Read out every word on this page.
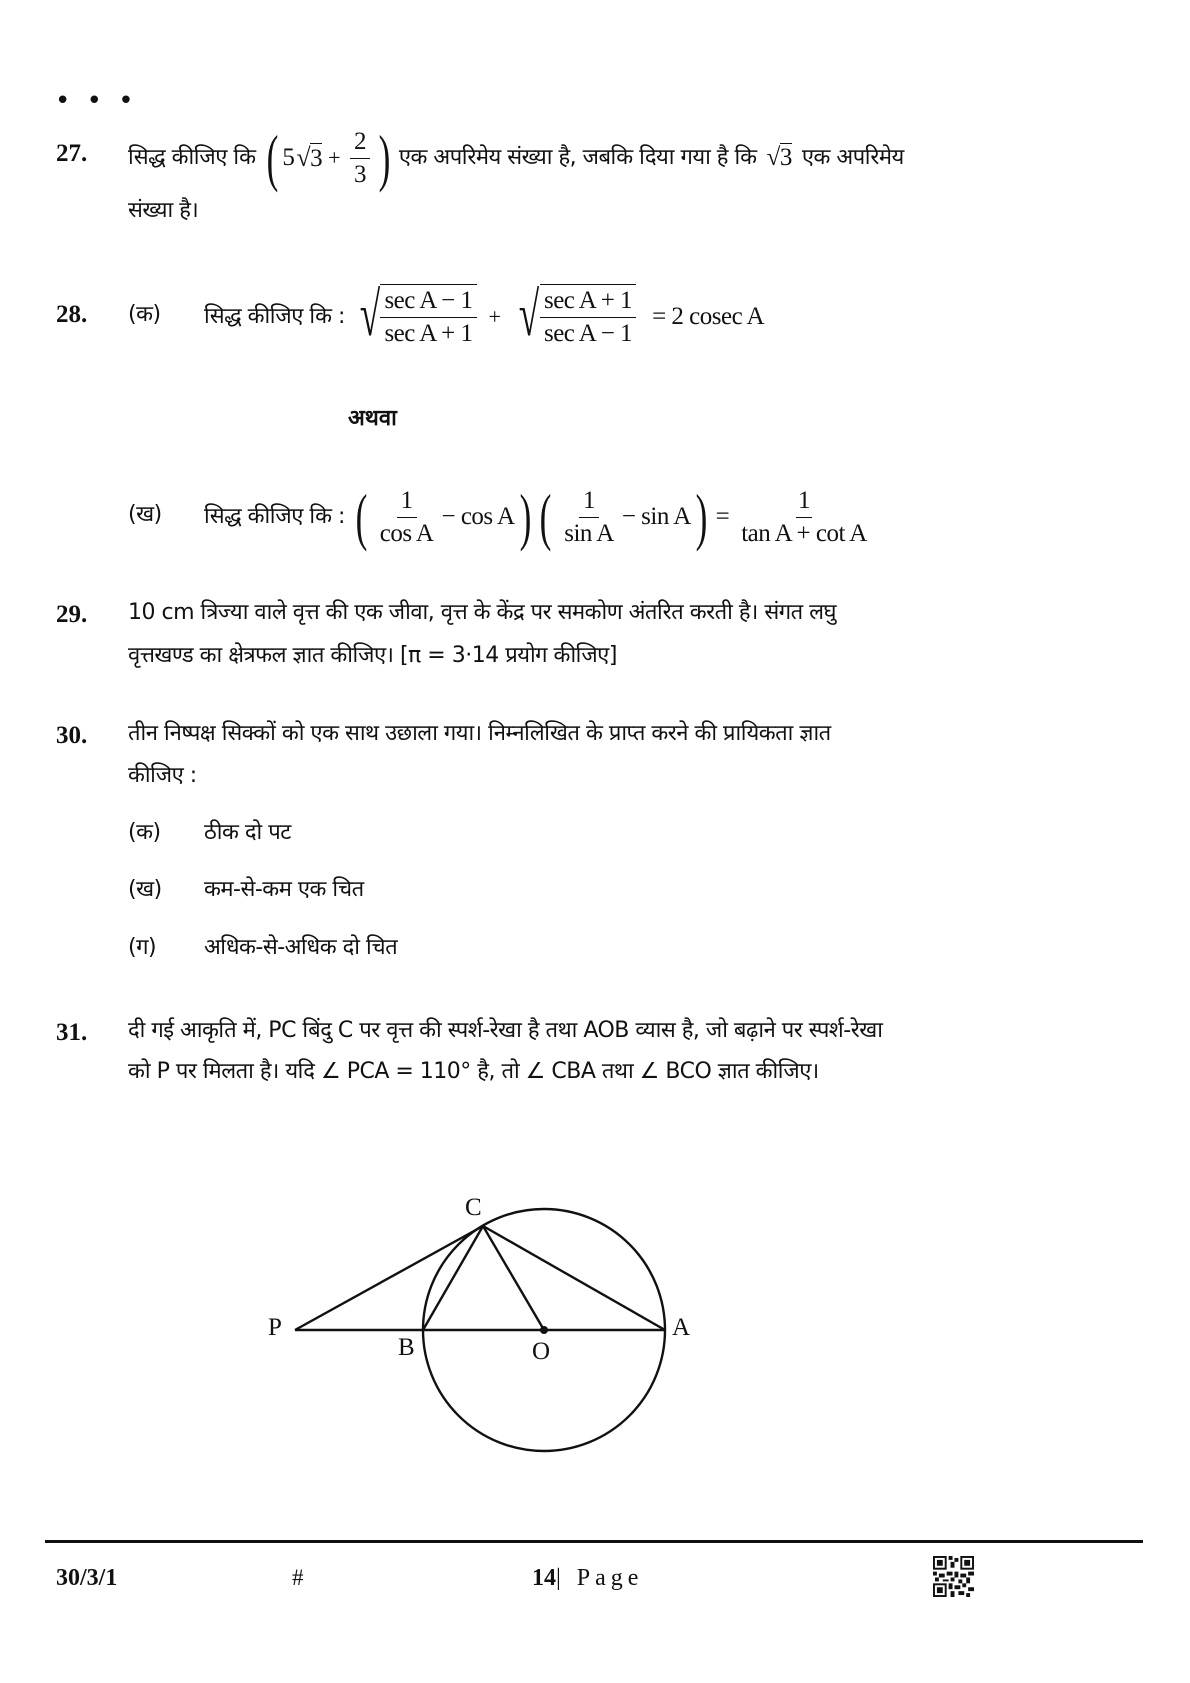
• • •
27. सिद्ध कीजिए कि ( 5 √ $3 + \frac{2}{3}$ ) एक अपरिमेय संख्या है, जबकि दिया गया है कि √3 एक अपरिमेय
संख्या है।
28. (क) सिद्ध कीजिए कि : √ $\frac{\text{sec A − 1}}{\text{sec A + 1}}$ + √ $\frac{\text{sec A + 1}}{\text{sec A − 1}} = 2$ cosec A
अथवा
(ख) सिद्ध कीजिए कि : ( $\frac{1}{\text{cos A}} - \cos A$ ) ( $\frac{1}{\text{sin A}} - \sin A$ ) = $\frac{1}{\text{tan A + cot A}}$
29. 10 cm त्रिज्या वाले वृत्त की एक जीवा, वृत्त के केंद्र पर समकोण अंतरित करती है। संगत लघु
वृत्तखण्ड का क्षेत्रफल ज्ञात कीजिए। [π = 3·14 प्रयोग कीजिए]
30. तीन निष्पक्ष सिक्कों को एक साथ उछाला गया। निम्नलिखित के प्राप्त करने की प्रायिकता ज्ञात
कीजिए :
(क) ठीक दो पट
(ख) कम-से-कम एक चित
(ग) अधिक-से-अधिक दो चित
31. दी गई आकृति में, PC बिंदु C पर वृत्त की स्पर्श-रेखा है तथा AOB व्यास है, जो बढ़ाने पर स्पर्श-रेखा
को P पर मिलता है। यदि ∠ PCA = 110° है, तो ∠ CBA तथा ∠ BCO ज्ञात कीजिए।
P
B	O
A
C
30/3/1	#	14| Page
